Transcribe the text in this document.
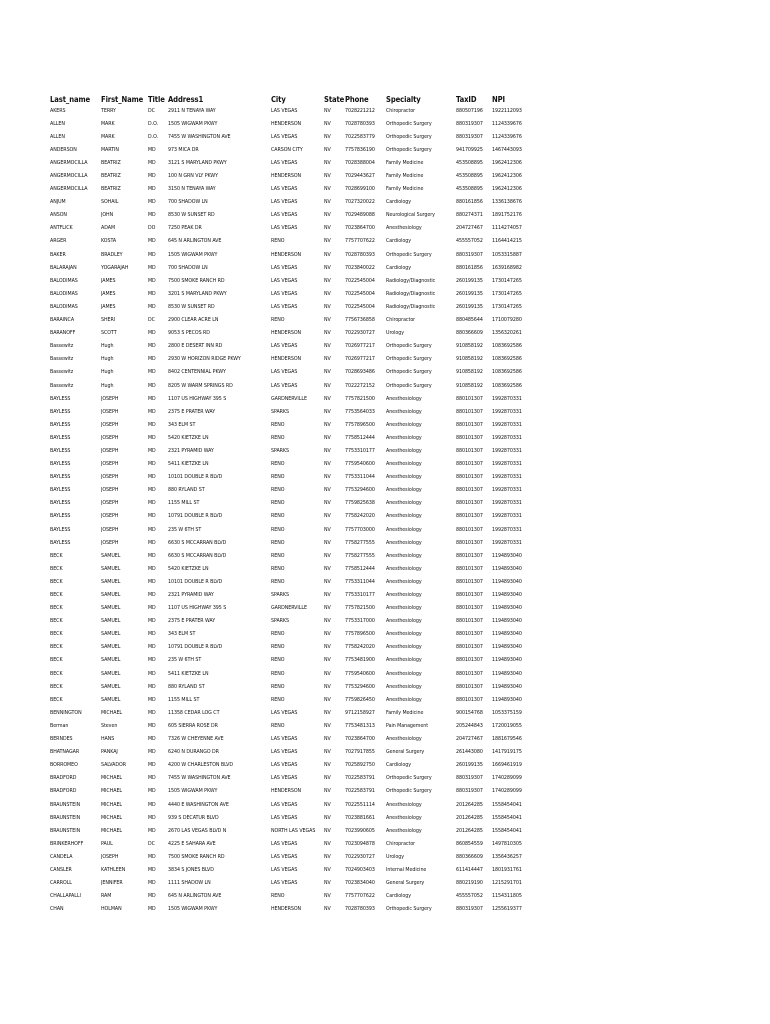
Last_name	First_Name	Title	Address1	City	State	Phone	Specialty	TaxID	NPI
AKERS	TERRY	DC	2911 N TENAYA WAY	LAS VEGAS	NV	7028221212	Chiropractor	880507196	1922112093
ALLEN	MARK	D.O.	1505 WIGWAM PKWY	HENDERSON	NV	7028780393	Orthopedic Surgery	880319307	1124339676
ALLEN	MARK	D.O.	7455 W WASHINGTON AVE	LAS VEGAS	NV	7022583779	Orthopedic Surgery	880319307	1124339676
ANDERSON	MARTIN	MD	973 MICA DR	CARSON CITY	NV	7757836190	Orthopedic Surgery	941709925	1467443093
ANGERMOCILLA	BEATRIZ	MD	3121 S MARYLAND PKWY	LAS VEGAS	NV	7028388004	Family Medicine	453508895	1962412306
ANGERMOCILLA	BEATRIZ	MD	100 N GRN VLY PKWY	HENDERSON	NV	7029443627	Family Medicine	453508895	1962412306
ANGERMOCILLA	BEATRIZ	MD	3150 N TENAYA WAY	LAS VEGAS	NV	7028699100	Family Medicine	453508895	1962412306
ANJUM	SOHAIL	MD	700 SHADOW LN	LAS VEGAS	NV	7027320022	Cardiology	880161856	1336138676
ANSON	JOHN	MD	8530 W SUNSET RD	LAS VEGAS	NV	7029489088	Neurological Surgery	880274371	1891752176
ANTFLICK	ADAM	DO	7250 PEAK DR	LAS VEGAS	NV	7023864700	Anesthesiology	204727467	1114274057
ARGER	KOSTA	MD	645 N ARLINGTON AVE	RENO	NV	7757707622	Cardiology	455557052	1164414215
BAKER	BRADLEY	MD	1505 WIGWAM PKWY	HENDERSON	NV	7028780393	Orthopedic Surgery	880319307	1053315887
BALARAJAN	YOGARAJAH	MD	700 SHADOW LN	LAS VEGAS	NV	7023840022	Cardiology	880161856	1639168982
BALODIMAS	JAMES	MD	7500 SMOKE RANCH RD	LAS VEGAS	NV	7022545004	Radiology/Diagnostic	260199135	1730147265
BALODIMAS	JAMES	MD	3201 S MARYLAND PKWY	LAS VEGAS	NV	7022545004	Radiology/Diagnostic	260199135	1730147265
BALODIMAS	JAMES	MD	8530 W SUNSET RD	LAS VEGAS	NV	7022545004	Radiology/Diagnostic	260199135	1730147265
BARAINCA	SHERI	DC	2900 CLEAR ACRE LN	RENO	NV	7756736858	Chiropractor	880485644	1710079280
BARANOFF	SCOTT	MD	9053 S PECOS RD	HENDERSON	NV	7022930727	Urology	880366609	1356320261
Bassewitz	Hugh	MD	2800 E DESERT INN RD	LAS VEGAS	NV	7026977217	Orthopedic Surgery	910858192	1083692586
Bassewitz	Hugh	MD	2930 W HORIZON RIDGE PKWY	HENDERSON	NV	7026977217	Orthopedic Surgery	910858192	1083692586
Bassewitz	Hugh	MD	8402 CENTENNIAL PKWY	LAS VEGAS	NV	7028693486	Orthopedic Surgery	910858192	1083692586
Bassewitz	Hugh	MD	8205 W WARM SPRINGS RD	LAS VEGAS	NV	7022272152	Orthopedic Surgery	910858192	1083692586
BAYLESS	JOSEPH	MD	1107 US HIGHWAY 395 S	GARDNERVILLE	NV	7757821500	Anesthesiology	880101307	1992870331
BAYLESS	JOSEPH	MD	2375 E PRATER WAY	SPARKS	NV	7753564033	Anesthesiology	880101307	1992870331
BAYLESS	JOSEPH	MD	343 ELM ST	RENO	NV	7757896500	Anesthesiology	880101307	1992870331
BAYLESS	JOSEPH	MD	5420 KIETZKE LN	RENO	NV	7758512444	Anesthesiology	880101307	1992870331
BAYLESS	JOSEPH	MD	2321 PYRAMID WAY	SPARKS	NV	7753310177	Anesthesiology	880101307	1992870331
BAYLESS	JOSEPH	MD	5411 KIETZKE LN	RENO	NV	7759540600	Anesthesiology	880101307	1992870331
BAYLESS	JOSEPH	MD	10101 DOUBLE R BLVD	RENO	NV	7753311044	Anesthesiology	880101307	1992870331
BAYLESS	JOSEPH	MD	880 RYLAND ST	RENO	NV	7753294600	Anesthesiology	880101307	1992870331
BAYLESS	JOSEPH	MD	1155 MILL ST	RENO	NV	7759825638	Anesthesiology	880101307	1992870331
BAYLESS	JOSEPH	MD	10791 DOUBLE R BLVD	RENO	NV	7758242020	Anesthesiology	880101307	1992870331
BAYLESS	JOSEPH	MD	235 W 6TH ST	RENO	NV	7757703000	Anesthesiology	880101307	1992870331
BAYLESS	JOSEPH	MD	6630 S MCCARRAN BLVD	RENO	NV	7758277555	Anesthesiology	880101307	1992870331
BECK	SAMUEL	MD	6630 S MCCARRAN BLVD	RENO	NV	7758277555	Anesthesiology	880101307	1194893040
BECK	SAMUEL	MD	5420 KIETZKE LN	RENO	NV	7758512444	Anesthesiology	880101307	1194893040
BECK	SAMUEL	MD	10101 DOUBLE R BLVD	RENO	NV	7753311044	Anesthesiology	880101307	1194893040
BECK	SAMUEL	MD	2321 PYRAMID WAY	SPARKS	NV	7753310177	Anesthesiology	880101307	1194893040
BECK	SAMUEL	MD	1107 US HIGHWAY 395 S	GARDNERVILLE	NV	7757821500	Anesthesiology	880101307	1194893040
BECK	SAMUEL	MD	2375 E PRATER WAY	SPARKS	NV	7753317000	Anesthesiology	880101307	1194893040
BECK	SAMUEL	MD	343 ELM ST	RENO	NV	7757896500	Anesthesiology	880101307	1194893040
BECK	SAMUEL	MD	10791 DOUBLE R BLVD	RENO	NV	7758242020	Anesthesiology	880101307	1194893040
BECK	SAMUEL	MD	235 W 6TH ST	RENO	NV	7753481900	Anesthesiology	880101307	1194893040
BECK	SAMUEL	MD	5411 KIETZKE LN	RENO	NV	7759540600	Anesthesiology	880101307	1194893040
BECK	SAMUEL	MD	880 RYLAND ST	RENO	NV	7753294600	Anesthesiology	880101307	1194893040
BECK	SAMUEL	MD	1155 MILL ST	RENO	NV	7759826450	Anesthesiology	880101307	1194893040
BENNINGTON	MICHAEL	MD	11358 CEDAR LOG CT	LAS VEGAS	NV	9712158927	Family Medicine	900154768	1053375159
Berman	Steven	MD	605 SIERRA ROSE DR	RENO	NV	7753481313	Pain Management	205244843	1720019055
BERNDES	HANS	MD	7326 W CHEYENNE AVE	LAS VEGAS	NV	7023864700	Anesthesiology	204727467	1881679546
BHATNAGAR	PANKAJ	MD	6240 N DURANGO DR	LAS VEGAS	NV	7027917855	General Surgery	261443080	1417919175
BORROMEO	SALVADOR	MD	4200 W CHARLESTON BLVD	LAS VEGAS	NV	7025892750	Cardiology	260199135	1669461919
BRADFORD	MICHAEL	MD	7455 W WASHINGTON AVE	LAS VEGAS	NV	7022583791	Orthopedic Surgery	880319307	1740289099
BRADFORD	MICHAEL	MD	1505 WIGWAM PKWY	HENDERSON	NV	7022583791	Orthopedic Surgery	880319307	1740289099
BRAUNSTEIN	MICHAEL	MD	4440 E WASHINGTON AVE	LAS VEGAS	NV	7022551114	Anesthesiology	201264285	1558454041
BRAUNSTEIN	MICHAEL	MD	939 S DECATUR BLVD	LAS VEGAS	NV	7023881661	Anesthesiology	201264285	1558454041
BRAUNSTEIN	MICHAEL	MD	2670 LAS VEGAS BLVD N	NORTH LAS VEGAS	NV	7023990605	Anesthesiology	201264285	1558454041
BRINKERHOFF	PAUL	DC	4225 E SAHARA AVE	LAS VEGAS	NV	7023094878	Chiropractor	860854559	1497810305
CANDELA	JOSEPH	MD	7500 SMOKE RANCH RD	LAS VEGAS	NV	7022930727	Urology	880366609	1356436257
CANSLER	KATHLEEN	MD	3834 S JONES BLVD	LAS VEGAS	NV	7024903403	Internal Medicine	611414447	1801931761
CARROLL	JENNIFER	MD	1111 SHADOW LN	LAS VEGAS	NV	7023834040	General Surgery	880219190	1215291701
CHALLAPALLI	RAM	MD	645 N ARLINGTON AVE	RENO	NV	7757707622	Cardiology	455557052	1154311805
CHAN	HOLMAN	MD	1505 WIGWAM PKWY	HENDERSON	NV	7028780393	Orthopedic Surgery	880319307	1255619377
